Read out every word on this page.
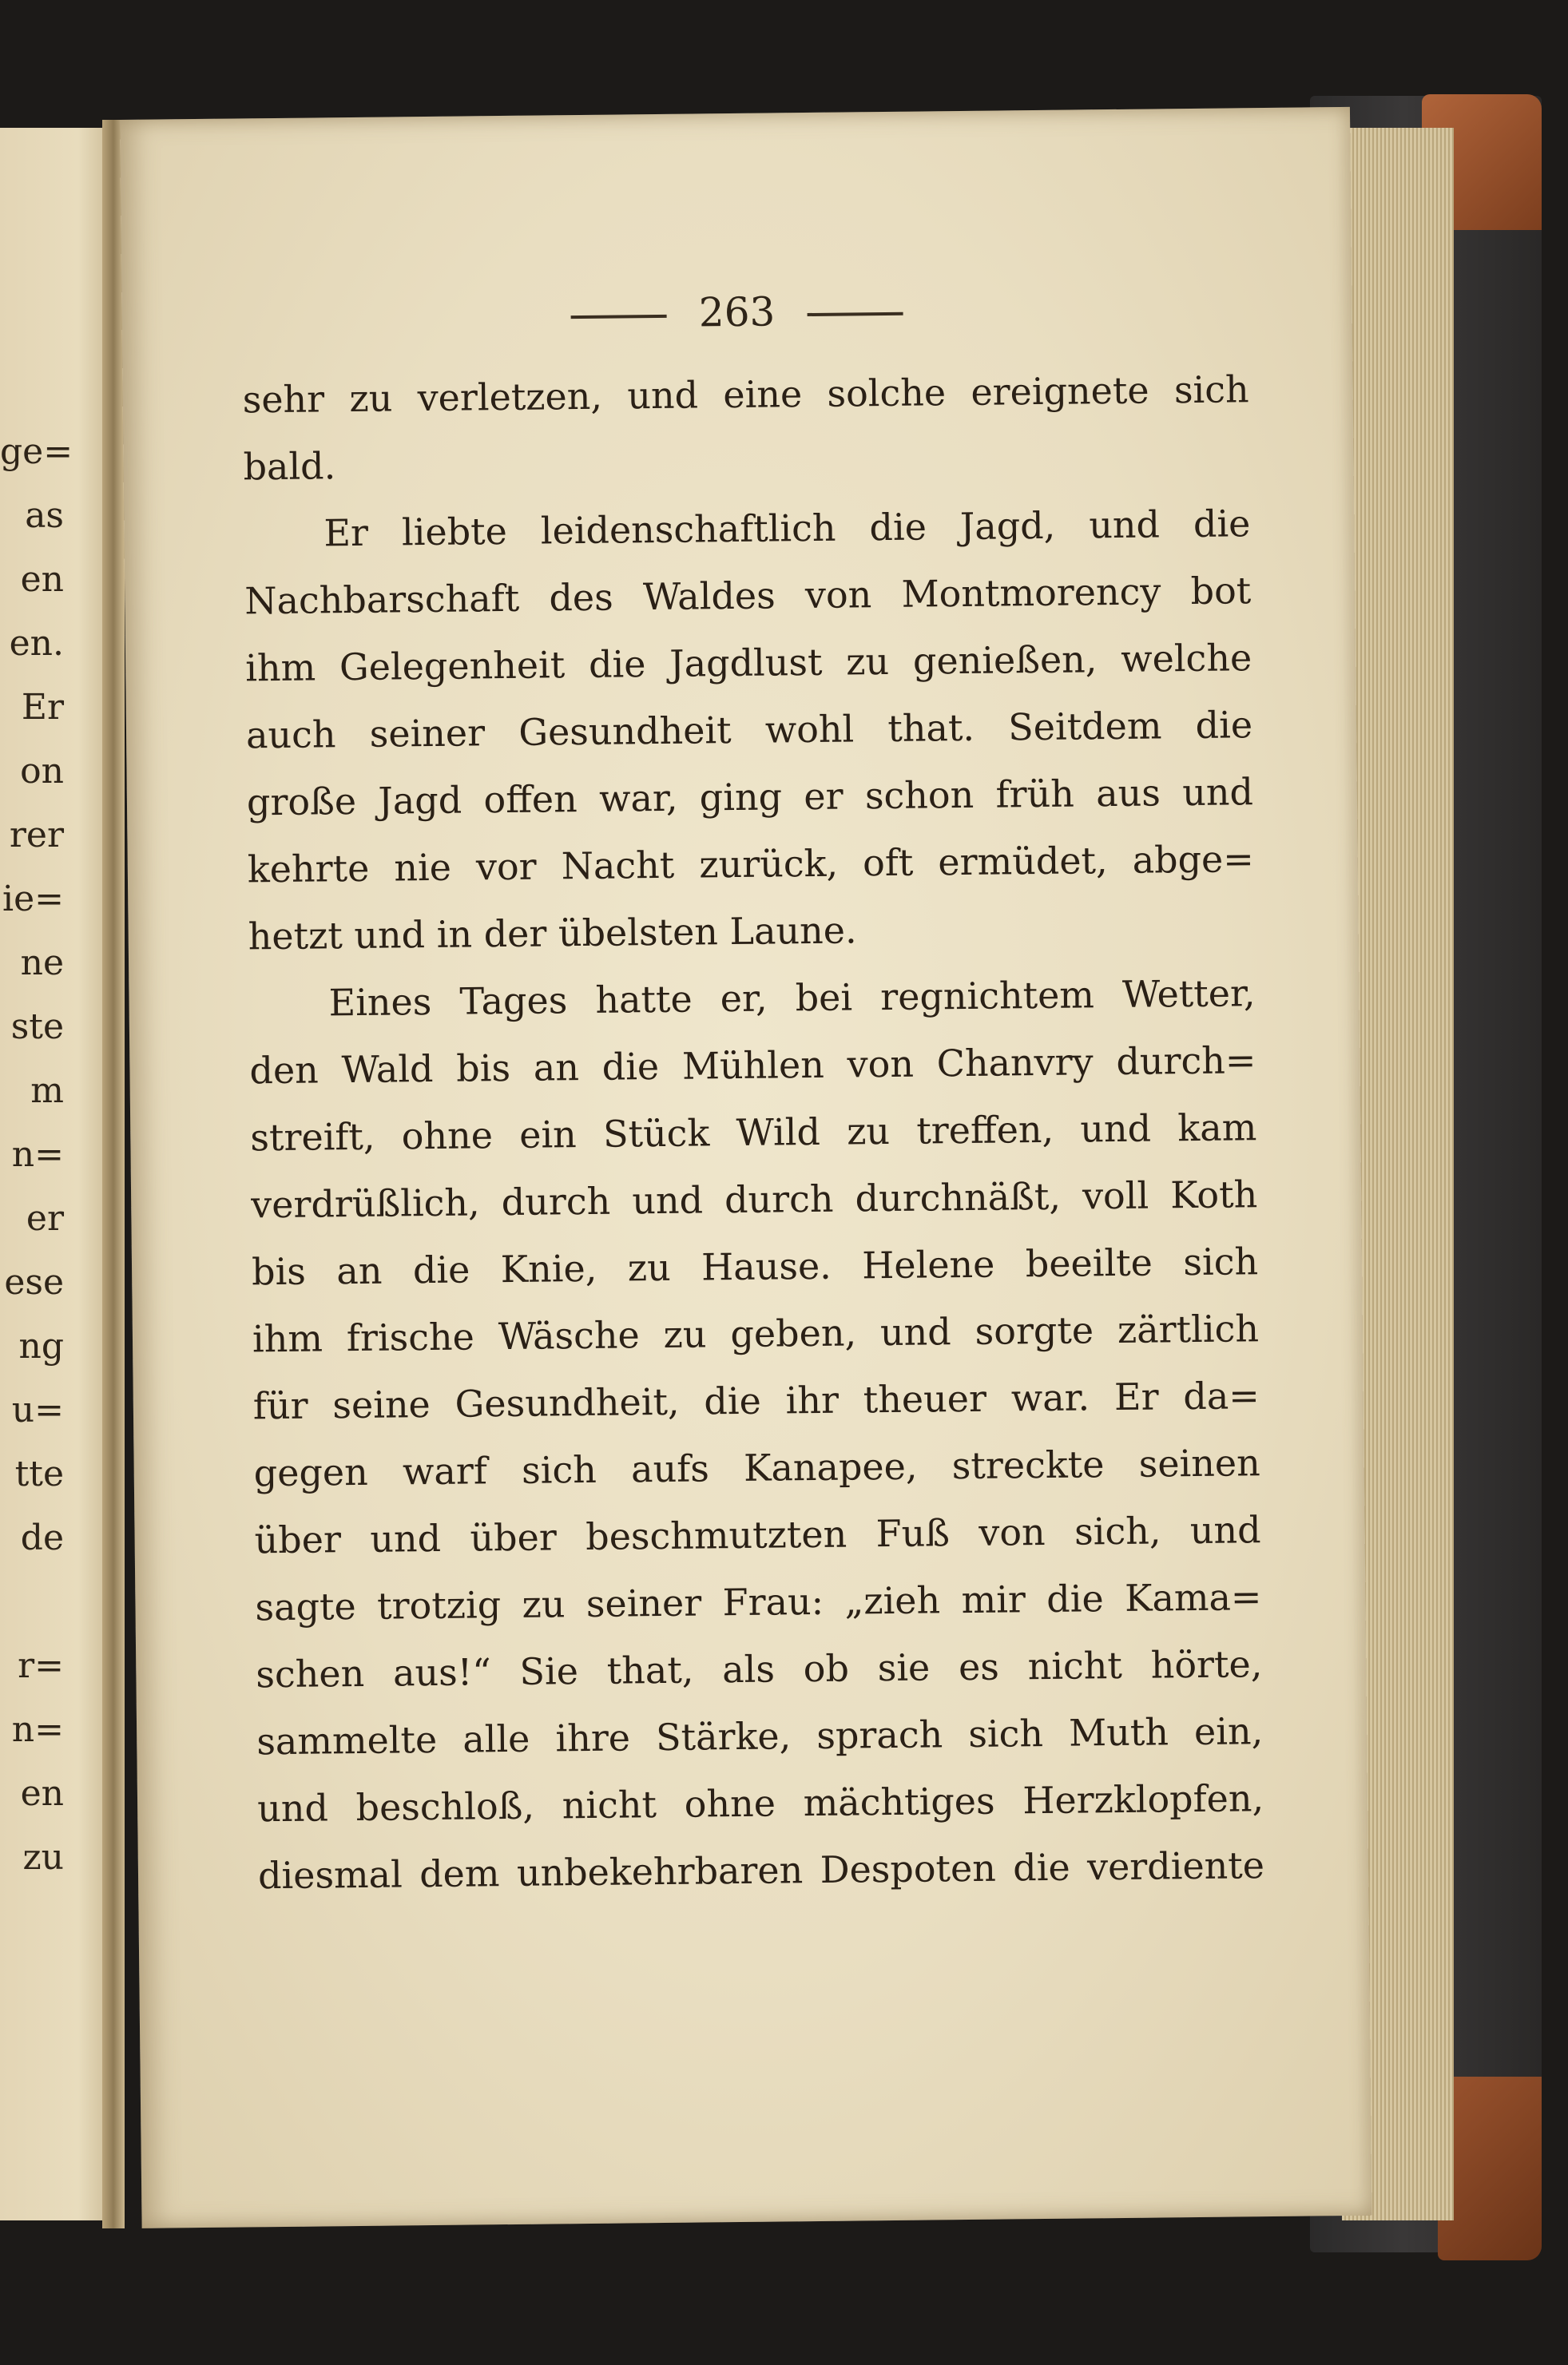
ge=
as
en
en.
Er
on
rer
ie=
ne
ste
m
n=
er
ese
ng
u=
tte
de
r=
n=
en
zu
263
sehr zu verletzen, und eine solche ereignete sich
bald.
Er liebte leidenschaftlich die Jagd, und die
Nachbarschaft des Waldes von Montmorency bot
ihm Gelegenheit die Jagdlust zu genießen, welche
auch seiner Gesundheit wohl that. Seitdem die
große Jagd offen war, ging er schon früh aus und
kehrte nie vor Nacht zurück, oft ermüdet, abge=
hetzt und in der übelsten Laune.
Eines Tages hatte er, bei regnichtem Wetter,
den Wald bis an die Mühlen von Chanvry durch=
streift, ohne ein Stück Wild zu treffen, und kam
verdrüßlich, durch und durch durchnäßt, voll Koth
bis an die Knie, zu Hause. Helene beeilte sich
ihm frische Wäsche zu geben, und sorgte zärtlich
für seine Gesundheit, die ihr theuer war. Er da=
gegen warf sich aufs Kanapee, streckte seinen
über und über beschmutzten Fuß von sich, und
sagte trotzig zu seiner Frau: „zieh mir die Kama=
schen aus!“ Sie that, als ob sie es nicht hörte,
sammelte alle ihre Stärke, sprach sich Muth ein,
und beschloß, nicht ohne mächtiges Herzklopfen,
diesmal dem unbekehrbaren Despoten die verdiente
